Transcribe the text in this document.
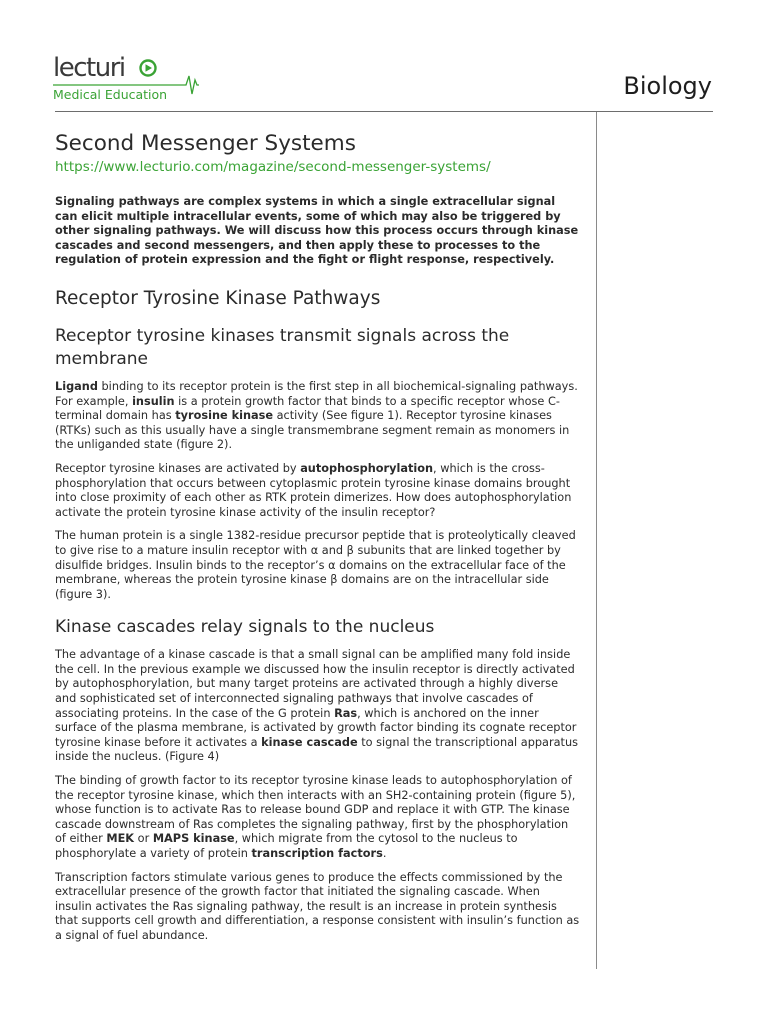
lecturi
Medical Education	Biology
Second Messenger Systems
https://www.lecturio.com/magazine/second-messenger-systems/

Signaling pathways are complex systems in which a single extracellular signal can elicit multiple intracellular events, some of which may also be triggered by other signaling pathways. We will discuss how this process occurs through kinase cascades and second messengers, and then apply these to processes to the regulation of protein expression and the fight or flight response, respectively.

Receptor Tyrosine Kinase Pathways
Receptor tyrosine kinases transmit signals across the membrane

Ligand binding to its receptor protein is the first step in all biochemical-signaling pathways. For example, insulin is a protein growth factor that binds to a specific receptor whose C-terminal domain has tyrosine kinase activity (See figure 1). Receptor tyrosine kinases (RTKs) such as this usually have a single transmembrane segment remain as monomers in the unliganded state (figure 2).

Receptor tyrosine kinases are activated by autophosphorylation, which is the cross-phosphorylation that occurs between cytoplasmic protein tyrosine kinase domains brought into close proximity of each other as RTK protein dimerizes. How does autophosphorylation activate the protein tyrosine kinase activity of the insulin receptor?

The human protein is a single 1382-residue precursor peptide that is proteolytically cleaved to give rise to a mature insulin receptor with α and β subunits that are linked together by disulfide bridges. Insulin binds to the receptor’s α domains on the extracellular face of the membrane, whereas the protein tyrosine kinase β domains are on the intracellular side (figure 3).

Kinase cascades relay signals to the nucleus

The advantage of a kinase cascade is that a small signal can be amplified many fold inside the cell. In the previous example we discussed how the insulin receptor is directly activated by autophosphorylation, but many target proteins are activated through a highly diverse and sophisticated set of interconnected signaling pathways that involve cascades of associating proteins. In the case of the G protein Ras, which is anchored on the inner surface of the plasma membrane, is activated by growth factor binding its cognate receptor tyrosine kinase before it activates a kinase cascade to signal the transcriptional apparatus inside the nucleus. (Figure 4)

The binding of growth factor to its receptor tyrosine kinase leads to autophosphorylation of the receptor tyrosine kinase, which then interacts with an SH2-containing protein (figure 5), whose function is to activate Ras to release bound GDP and replace it with GTP. The kinase cascade downstream of Ras completes the signaling pathway, first by the phosphorylation of either MEK or MAPS kinase, which migrate from the cytosol to the nucleus to phosphorylate a variety of protein transcription factors.

Transcription factors stimulate various genes to produce the effects commissioned by the extracellular presence of the growth factor that initiated the signaling cascade. When insulin activates the Ras signaling pathway, the result is an increase in protein synthesis that supports cell growth and differentiation, a response consistent with insulin’s function as a signal of fuel abundance.
